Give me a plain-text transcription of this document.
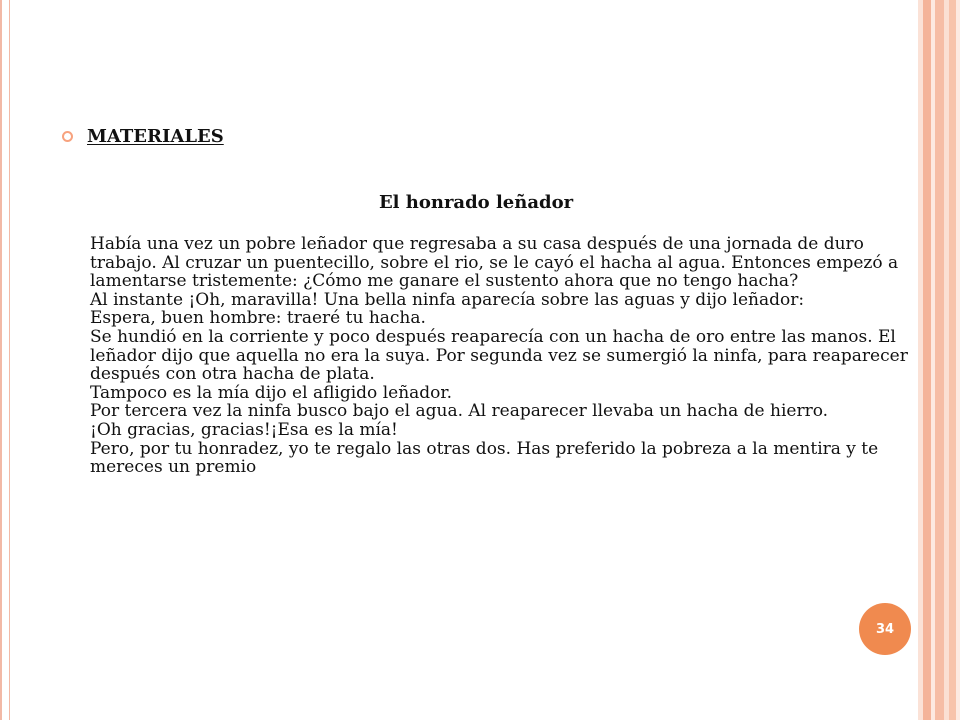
MATERIALES
El honrado leñador

Había una vez un pobre leñador que regresaba a su casa después de una jornada de duro trabajo. Al cruzar un puentecillo, sobre el rio, se le cayó el hacha al agua. Entonces empezó a lamentarse tristemente: ¿Cómo me ganare el sustento ahora que no tengo hacha?

Al instante ¡Oh, maravilla! Una bella ninfa aparecía sobre las aguas y dijo leñador:

Espera, buen hombre: traeré tu hacha.

Se hundió en la corriente y poco después reaparecía con un hacha de oro entre las manos. El leñador dijo que aquella no era la suya. Por segunda vez se sumergió la ninfa, para reaparecer después con otra hacha de plata.

Tampoco es la mía dijo el afligido leñador.

Por tercera vez la ninfa busco bajo el agua. Al reaparecer llevaba un hacha de hierro.

¡Oh gracias, gracias!¡Esa es la mía!

Pero, por tu honradez, yo te regalo las otras dos. Has preferido la pobreza a la mentira y te mereces un premio

34
